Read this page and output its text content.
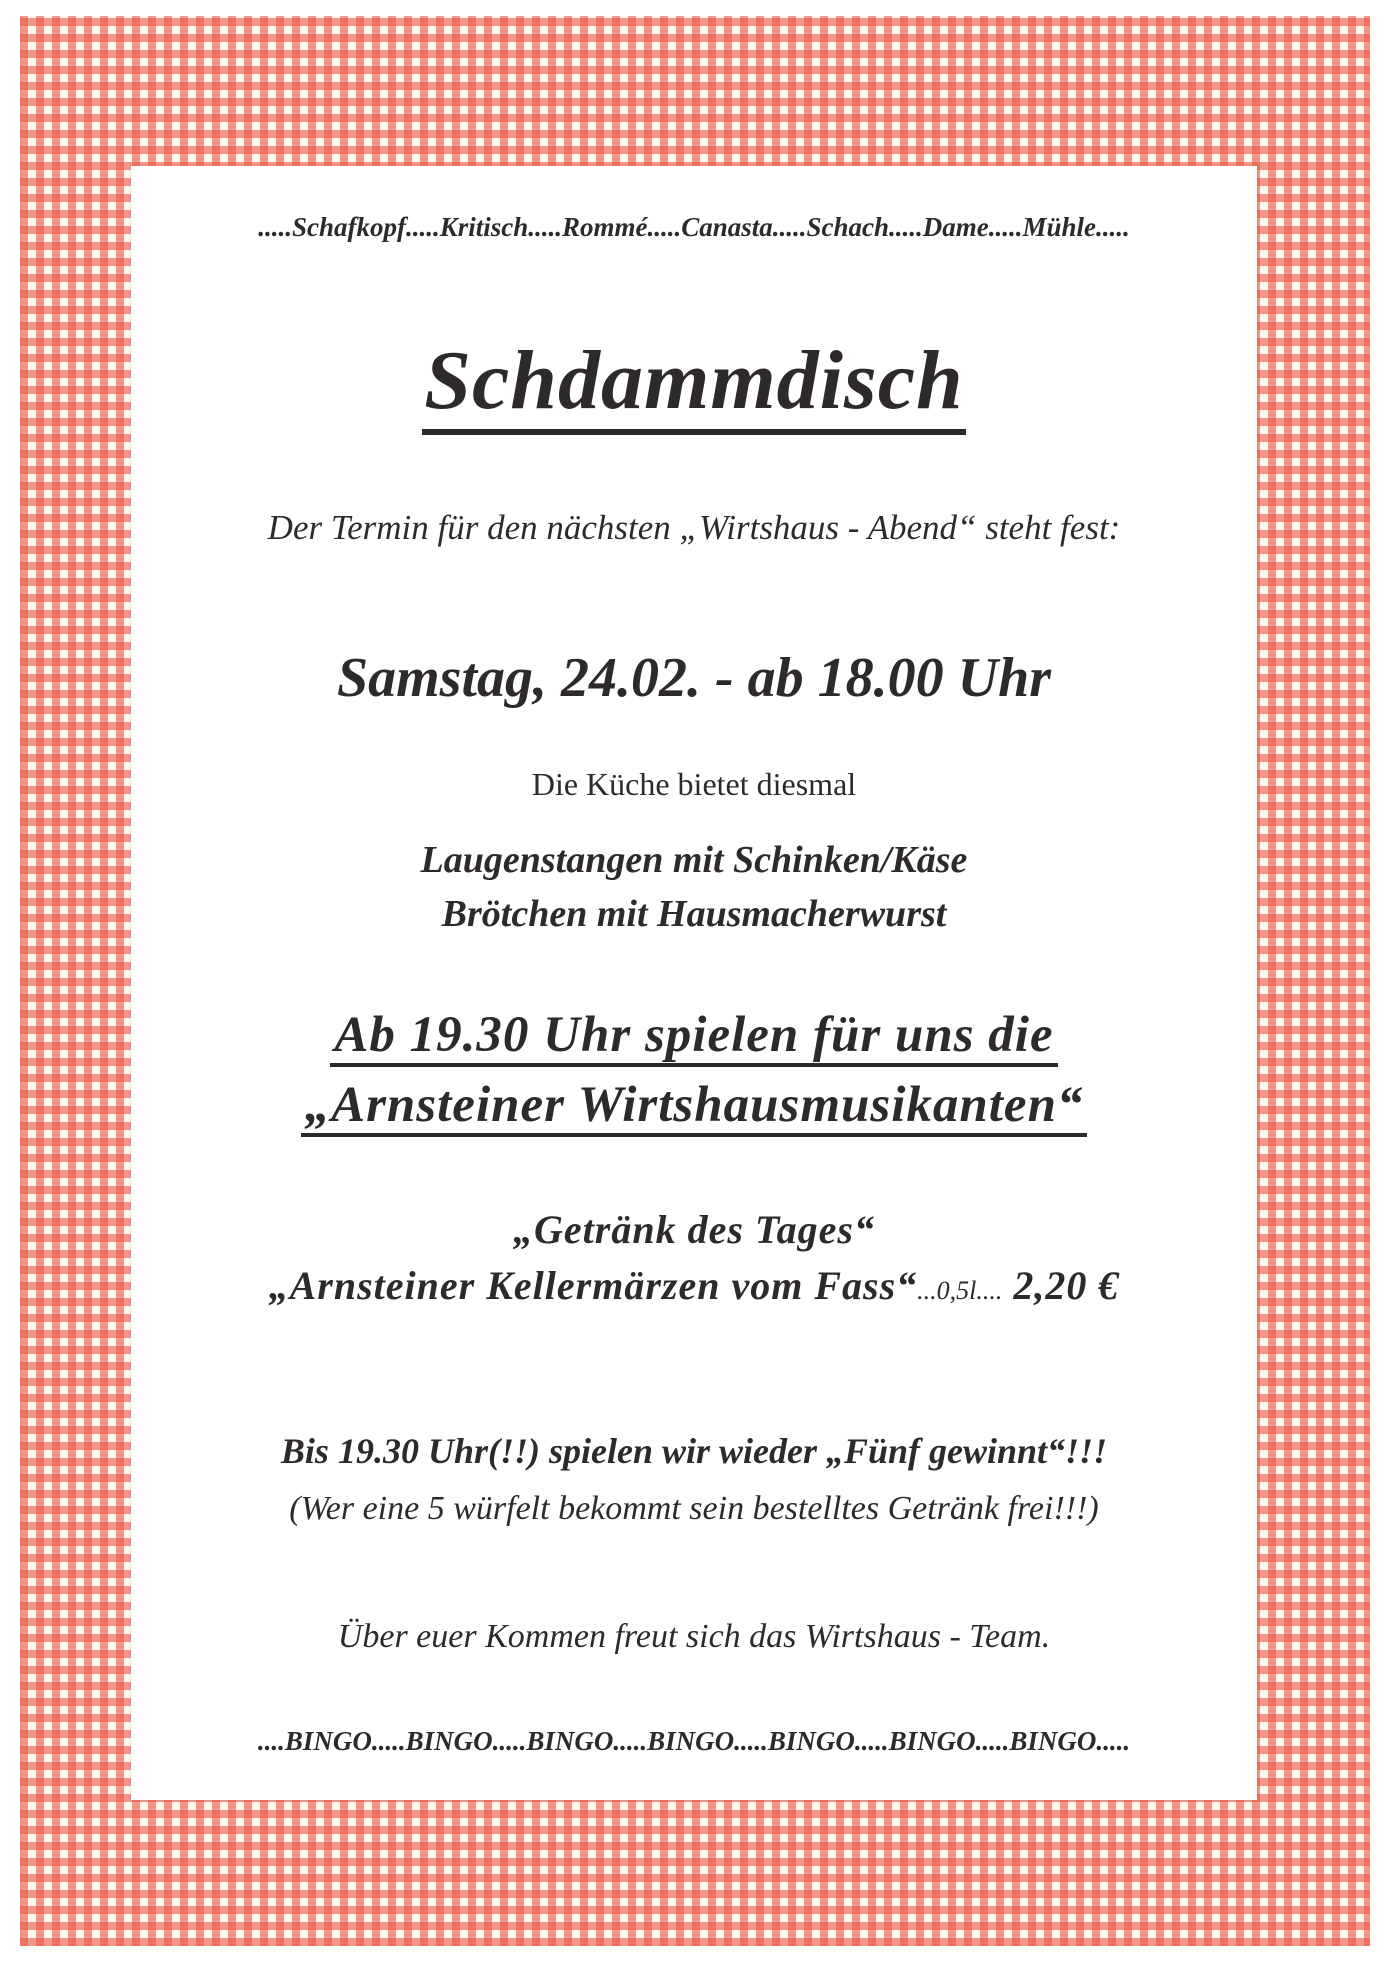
.....Schafkopf.....Kritisch.....Rommé.....Canasta.....Schach.....Dame.....Mühle.....
Schdammdisch
Der Termin für den nächsten „Wirtshaus - Abend“ steht fest:
Samstag, 24.02. - ab 18.00 Uhr
Die Küche bietet diesmal
Laugenstangen mit Schinken/Käse
Brötchen mit Hausmacherwurst
Ab 19.30 Uhr spielen für uns die
„Arnsteiner Wirtshausmusikanten“
„Getränk des Tages“
„Arnsteiner Kellermärzen vom Fass“...0,5l.... 2,20 €
Bis 19.30 Uhr(!!) spielen wir wieder „Fünf gewinnt“!!!
(Wer eine 5 würfelt bekommt sein bestelltes Getränk frei!!!)
Über euer Kommen freut sich das Wirtshaus - Team.
....BINGO.....BINGO.....BINGO.....BINGO.....BINGO.....BINGO.....BINGO.....
